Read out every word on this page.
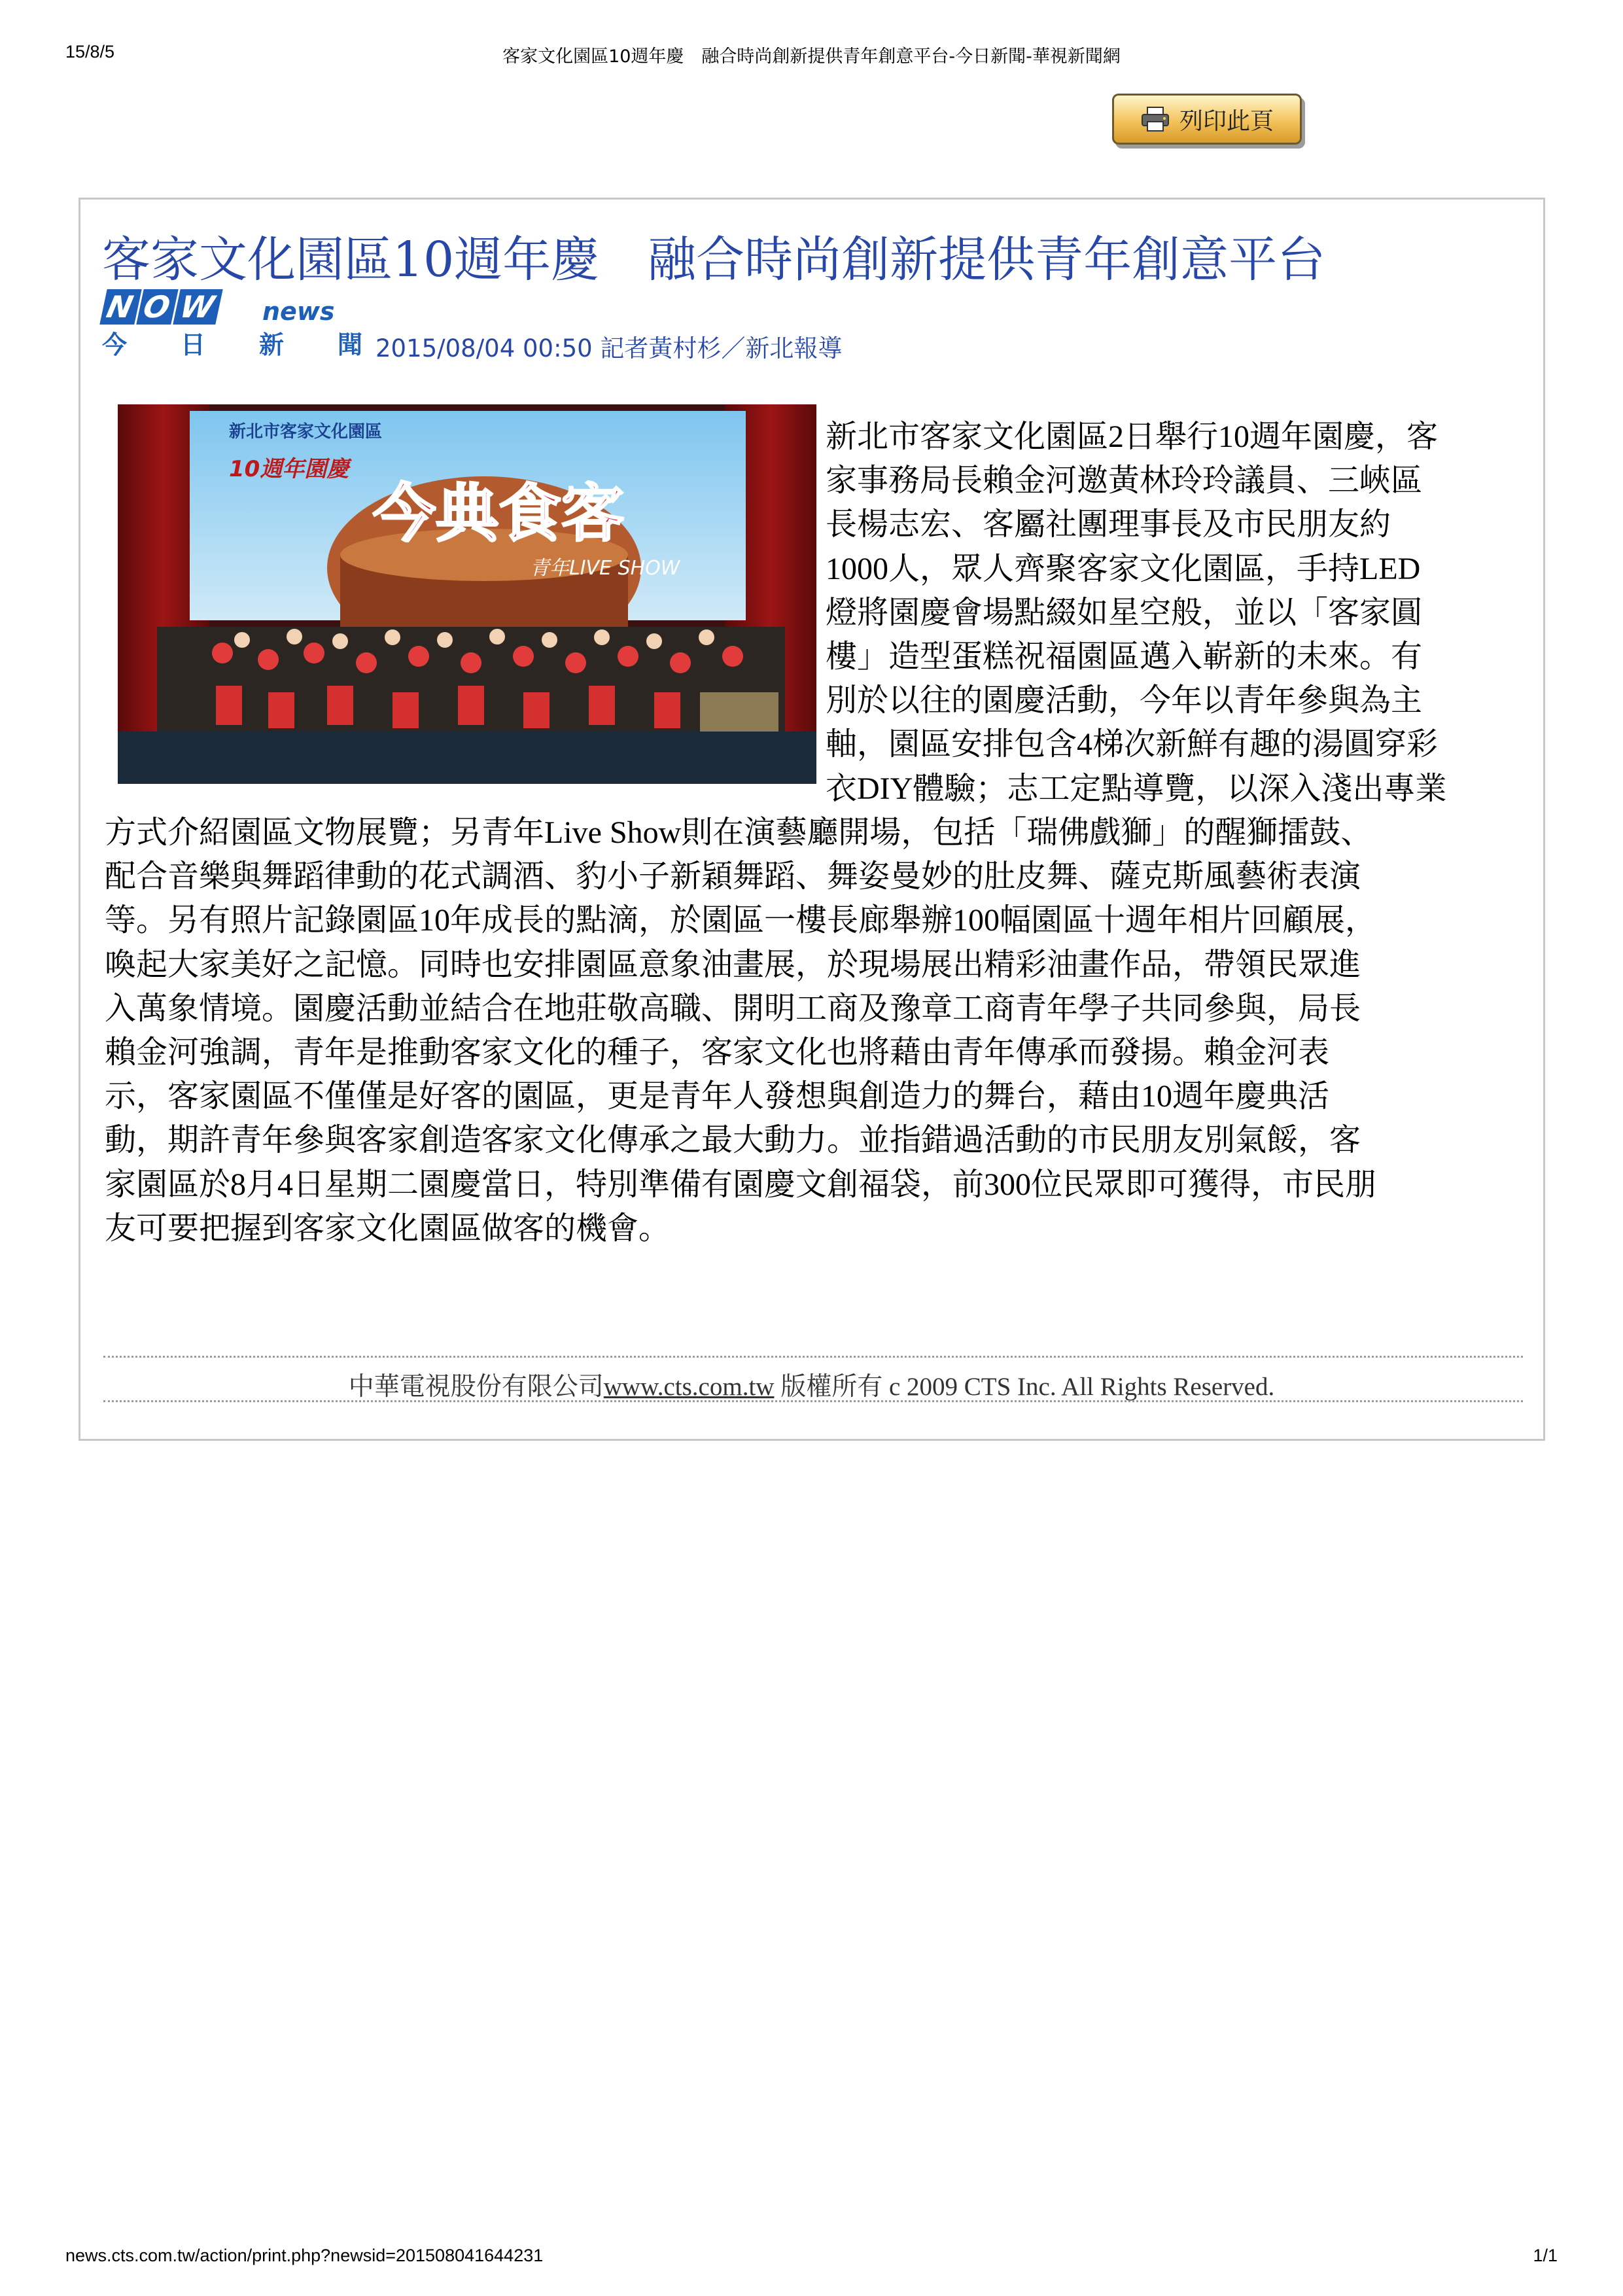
15/8/5	客家文化園區10週年慶　融合時尚創新提供青年創意平台-今日新聞-華視新聞網
列印此頁
客家文化園區10週年慶　融合時尚創新提供青年創意平台
NOW news
今 日 新 聞 2015/08/04 00:50 記者黃村杉／新北報導
新北市客家文化園區
10週年園慶
今典食客
青年LIVE SHOW
新北市客家文化園區2日舉行10週年園慶，客
家事務局長賴金河邀黃林玲玲議員、三峽區
長楊志宏、客屬社團理事長及市民朋友約
1000人，眾人齊聚客家文化園區，手持LED
燈將園慶會場點綴如星空般，並以「客家圓
樓」造型蛋糕祝福園區邁入嶄新的未來。有
別於以往的園慶活動，今年以青年參與為主
軸，園區安排包含4梯次新鮮有趣的湯圓穿彩
衣DIY體驗；志工定點導覽，以深入淺出專業
方式介紹園區文物展覽；另青年Live Show則在演藝廳開場，包括「瑞佛戲獅」的醒獅擂鼓、
配合音樂與舞蹈律動的花式調酒、豹小子新穎舞蹈、舞姿曼妙的肚皮舞、薩克斯風藝術表演
等。另有照片記錄園區10年成長的點滴，於園區一樓長廊舉辦100幅園區十週年相片回顧展，
喚起大家美好之記憶。同時也安排園區意象油畫展，於現場展出精彩油畫作品，帶領民眾進
入萬象情境。園慶活動並結合在地莊敬高職、開明工商及豫章工商青年學子共同參與，局長
賴金河強調，青年是推動客家文化的種子，客家文化也將藉由青年傳承而發揚。賴金河表
示，客家園區不僅僅是好客的園區，更是青年人發想與創造力的舞台，藉由10週年慶典活
動，期許青年參與客家創造客家文化傳承之最大動力。並指錯過活動的市民朋友別氣餒，客
家園區於8月4日星期二園慶當日，特別準備有園慶文創福袋，前300位民眾即可獲得，市民朋
友可要把握到客家文化園區做客的機會。
中華電視股份有限公司www.cts.com.tw 版權所有 c 2009 CTS Inc. All Rights Reserved.
news.cts.com.tw/action/print.php?newsid=201508041644231	1/1
